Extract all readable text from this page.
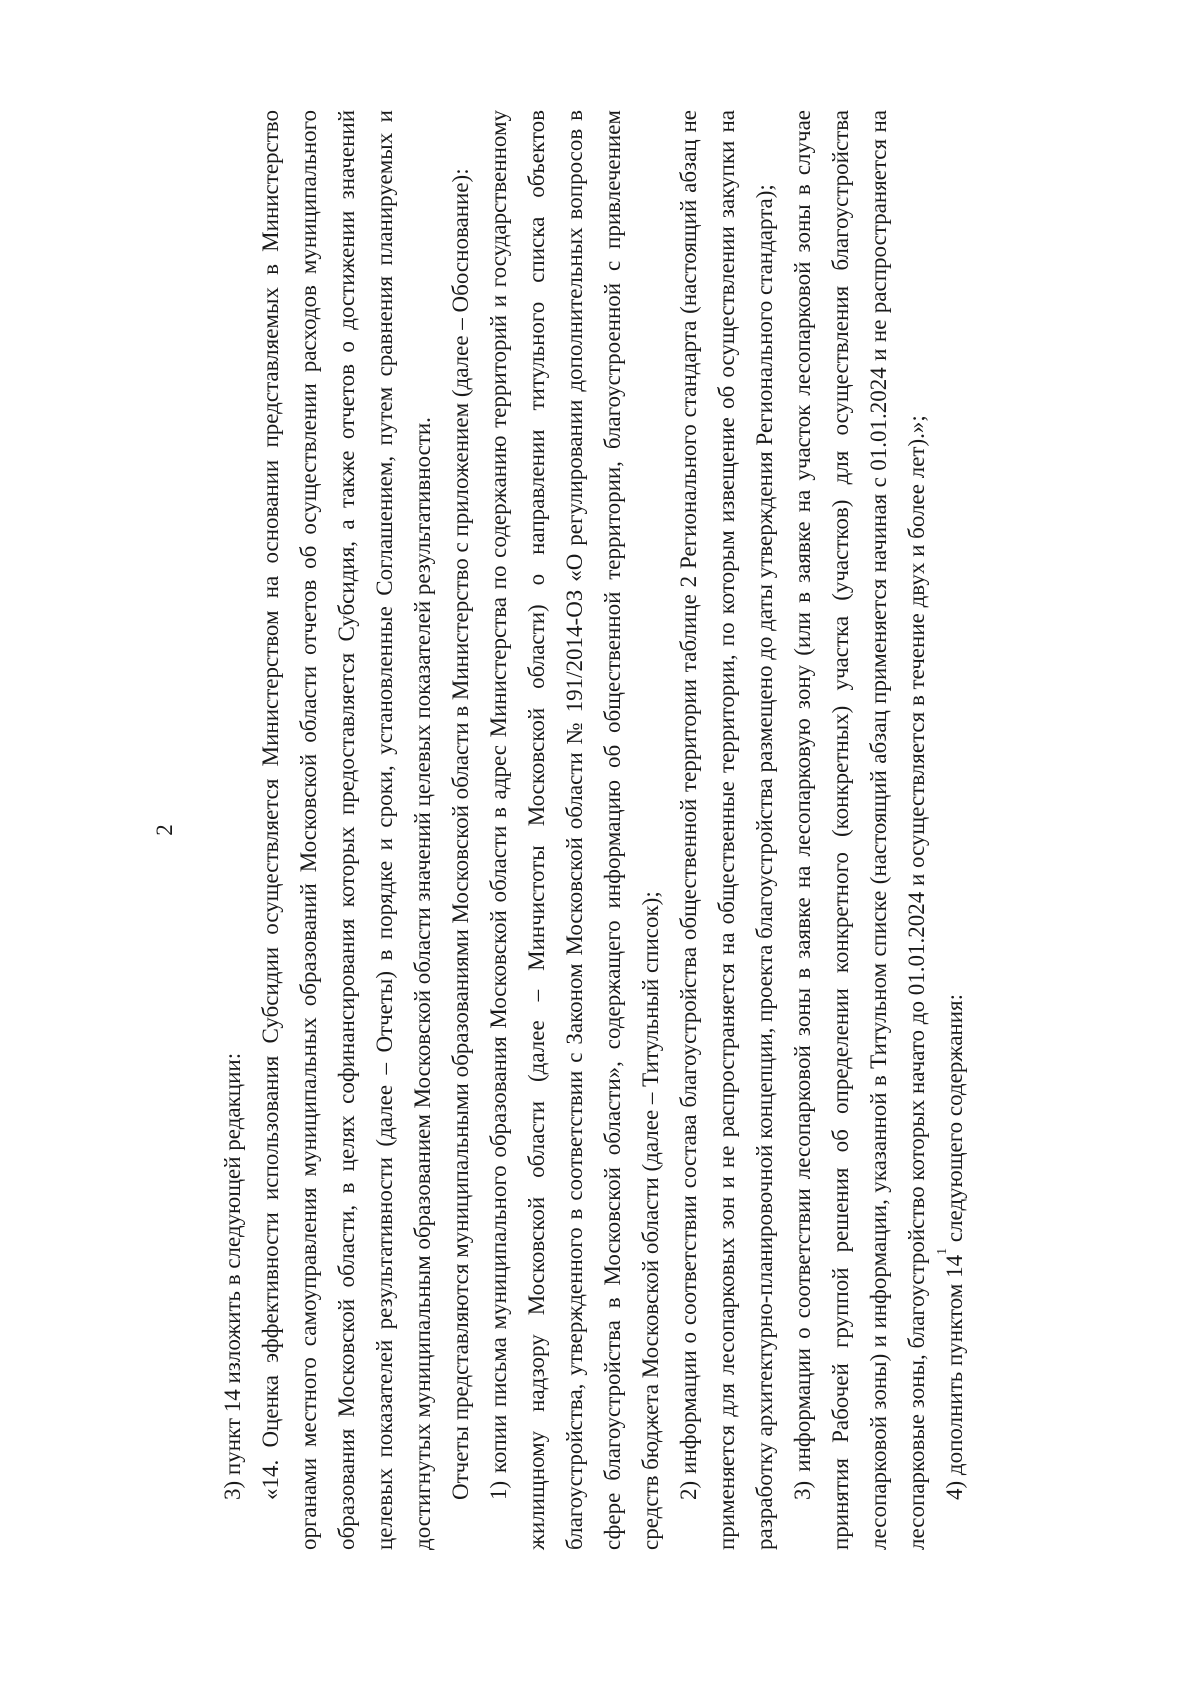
2

3) пункт 14 изложить в следующей редакции: «14. Оценка эффективности использования Субсидии осуществляется Министерством на основании представляемых в Министерство органами местного самоуправления муниципальных образований Московской области отчетов об осуществлении расходов муниципального образования Московской области, в целях софинансирования которых предоставляется Субсидия, а также отчетов о достижении значений целевых показателей результативности (далее – Отчеты) в порядке и сроки, установленные Соглашением, путем сравнения планируемых и достигнутых муниципальным образованием Московской области значений целевых показателей результативности. Отчеты представляются муниципальными образованиями Московской области в Министерство с приложением (далее – Обоснование): 1) копии письма муниципального образования Московской области в адрес Министерства по содержанию территорий и государственному жилищному надзору Московской области (далее – Минчистоты Московской области) о направлении титульного списка объектов благоустройства, утвержденного в соответствии с Законом Московской области № 191/2014-ОЗ «О регулировании дополнительных вопросов в сфере благоустройства в Московской области», содержащего информацию об общественной территории, благоустроенной с привлечением средств бюджета Московской области (далее – Титульный список); 2) информации о соответствии состава благоустройства общественной территории таблице 2 Регионального стандарта (настоящий абзац не применяется для лесопарковых зон и не распространяется на общественные территории, по которым извещение об осуществлении закупки на разработку архитектурно-планировочной концепции, проекта благоустройства размещено до даты утверждения Регионального стандарта); 3) информации о соответствии лесопарковой зоны в заявке на лесопарковую зону (или в заявке на участок лесопарковой зоны в случае принятия Рабочей группой решения об определении конкретного (конкретных) участка (участков) для осуществления благоустройства лесопарковой зоны) и информации, указанной в Титульном списке (настоящий абзац применяется начиная с 01.01.2024 и не распространяется на лесопарковые зоны, благоустройство которых начато до 01.01.2024 и осуществляется в течение двух и более лет).»; 4) дополнить пунктом $14^1$ следующего содержания:
